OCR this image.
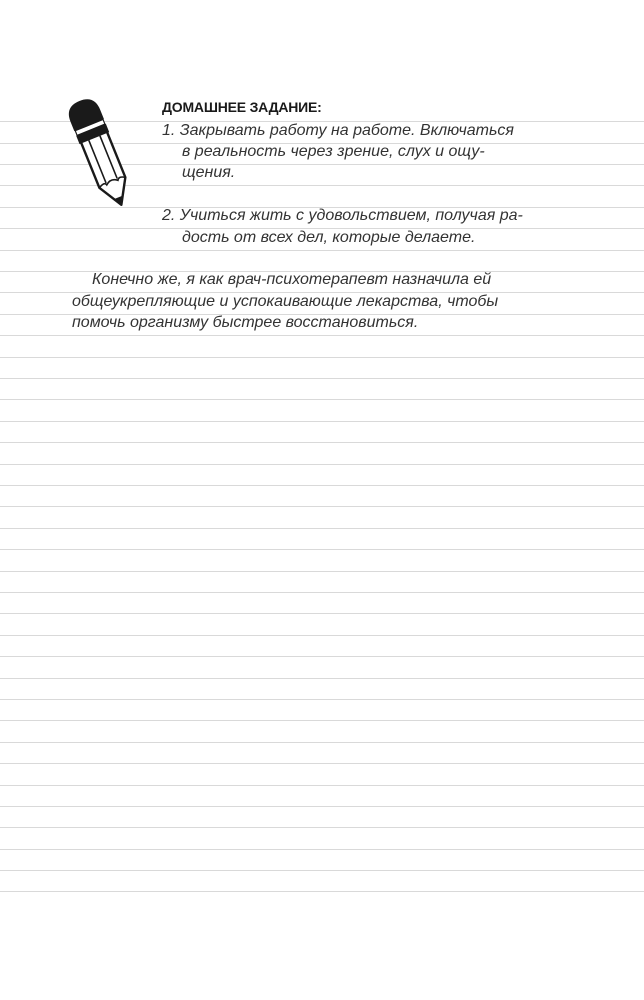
ДОМАШНЕЕ ЗАДАНИЕ:
1. Закрывать работу на работе. Включаться
в реальность через зрение, слух и ощу-
щения.
2. Учиться жить с удовольствием, получая ра-
дость от всех дел, которые делаете.
Конечно же, я как врач-психотерапевт назначила ей
общеукрепляющие и успокаивающие лекарства, чтобы
помочь организму быстрее восстановиться.
